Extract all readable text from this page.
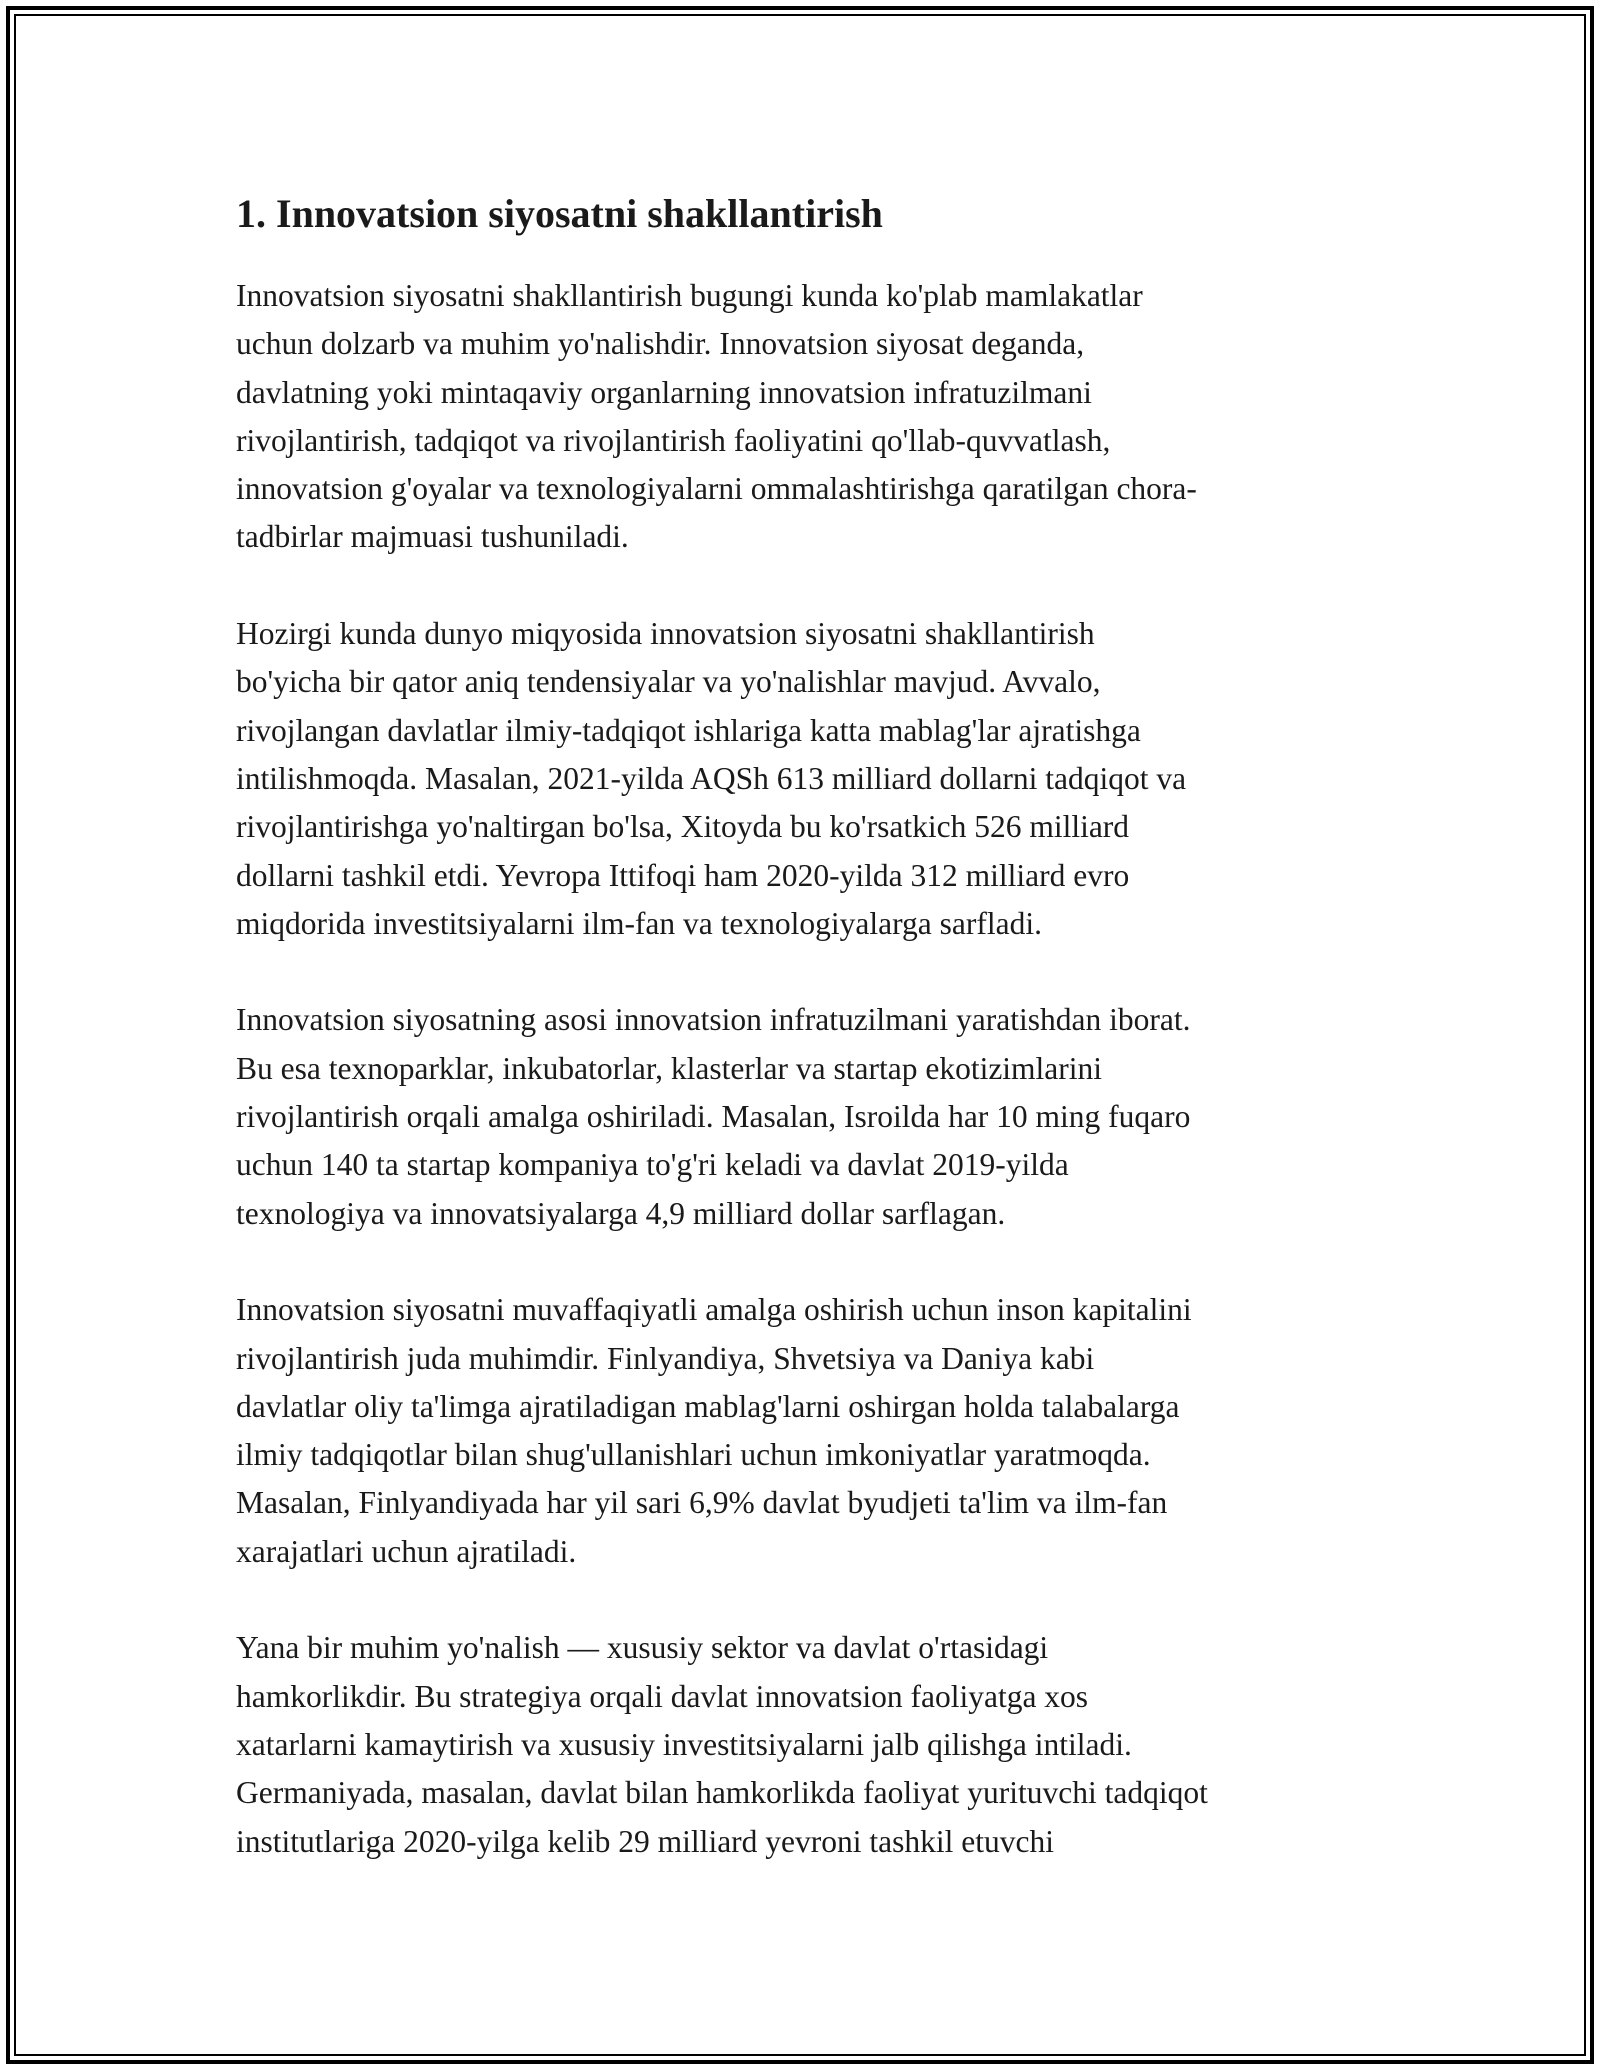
1. Innovatsion siyosatni shakllantirish
Innovatsion siyosatni shakllantirish bugungi kunda ko'plab mamlakatlar
uchun dolzarb va muhim yo'nalishdir. Innovatsion siyosat deganda,
davlatning yoki mintaqaviy organlarning innovatsion infratuzilmani
rivojlantirish, tadqiqot va rivojlantirish faoliyatini qo'llab-quvvatlash,
innovatsion g'oyalar va texnologiyalarni ommalashtirishga qaratilgan chora-
tadbirlar majmuasi tushuniladi.
Hozirgi kunda dunyo miqyosida innovatsion siyosatni shakllantirish
bo'yicha bir qator aniq tendensiyalar va yo'nalishlar mavjud. Avvalo,
rivojlangan davlatlar ilmiy-tadqiqot ishlariga katta mablag'lar ajratishga
intilishmoqda. Masalan, 2021-yilda AQSh 613 milliard dollarni tadqiqot va
rivojlantirishga yo'naltirgan bo'lsa, Xitoyda bu ko'rsatkich 526 milliard
dollarni tashkil etdi. Yevropa Ittifoqi ham 2020-yilda 312 milliard evro
miqdorida investitsiyalarni ilm-fan va texnologiyalarga sarfladi.
Innovatsion siyosatning asosi innovatsion infratuzilmani yaratishdan iborat.
Bu esa texnoparklar, inkubatorlar, klasterlar va startap ekotizimlarini
rivojlantirish orqali amalga oshiriladi. Masalan, Isroilda har 10 ming fuqaro
uchun 140 ta startap kompaniya to'g'ri keladi va davlat 2019-yilda
texnologiya va innovatsiyalarga 4,9 milliard dollar sarflagan.
Innovatsion siyosatni muvaffaqiyatli amalga oshirish uchun inson kapitalini
rivojlantirish juda muhimdir. Finlyandiya, Shvetsiya va Daniya kabi
davlatlar oliy ta'limga ajratiladigan mablag'larni oshirgan holda talabalarga
ilmiy tadqiqotlar bilan shug'ullanishlari uchun imkoniyatlar yaratmoqda.
Masalan, Finlyandiyada har yil sari 6,9% davlat byudjeti ta'lim va ilm-fan
xarajatlari uchun ajratiladi.
Yana bir muhim yo'nalish — xususiy sektor va davlat o'rtasidagi
hamkorlikdir. Bu strategiya orqali davlat innovatsion faoliyatga xos
xatarlarni kamaytirish va xususiy investitsiyalarni jalb qilishga intiladi.
Germaniyada, masalan, davlat bilan hamkorlikda faoliyat yurituvchi tadqiqot
institutlariga 2020-yilga kelib 29 milliard yevroni tashkil etuvchi
